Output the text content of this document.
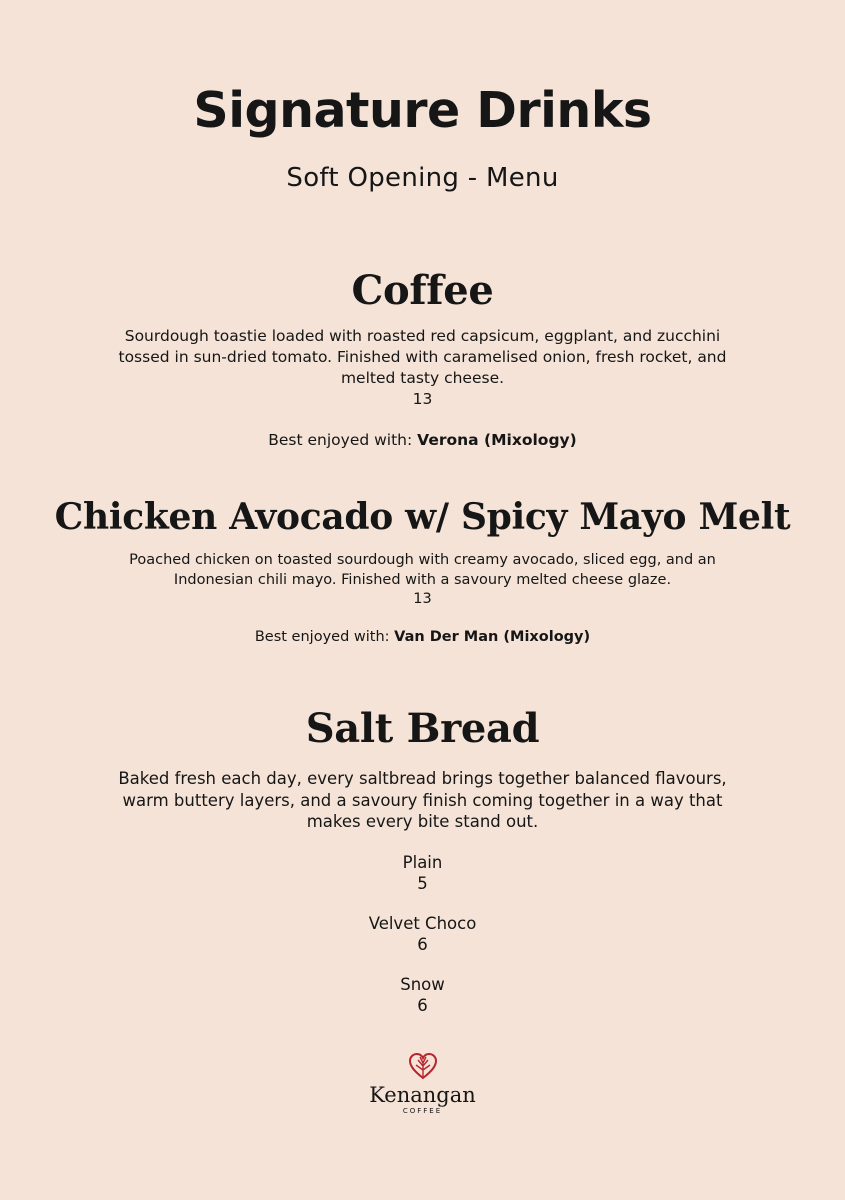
Signature Drinks
Soft Opening - Menu
Coffee

Sourdough toastie loaded with roasted red capsicum, eggplant, and zucchini tossed in sun-dried tomato. Finished with caramelised onion, fresh rocket, and melted tasty cheese.

13

Best enjoyed with: Verona (Mixology)

Chicken Avocado w/ Spicy Mayo Melt

Poached chicken on toasted sourdough with creamy avocado, sliced egg, and an Indonesian chili mayo. Finished with a savoury melted cheese glaze.

13

Best enjoyed with: Van Der Man (Mixology)

Salt Bread

Baked fresh each day, every saltbread brings together balanced flavours, warm buttery layers, and a savoury finish coming together in a way that makes every bite stand out.

Plain
5
Velvet Choco
6
Snow
6
Kenangan
COFFEE
